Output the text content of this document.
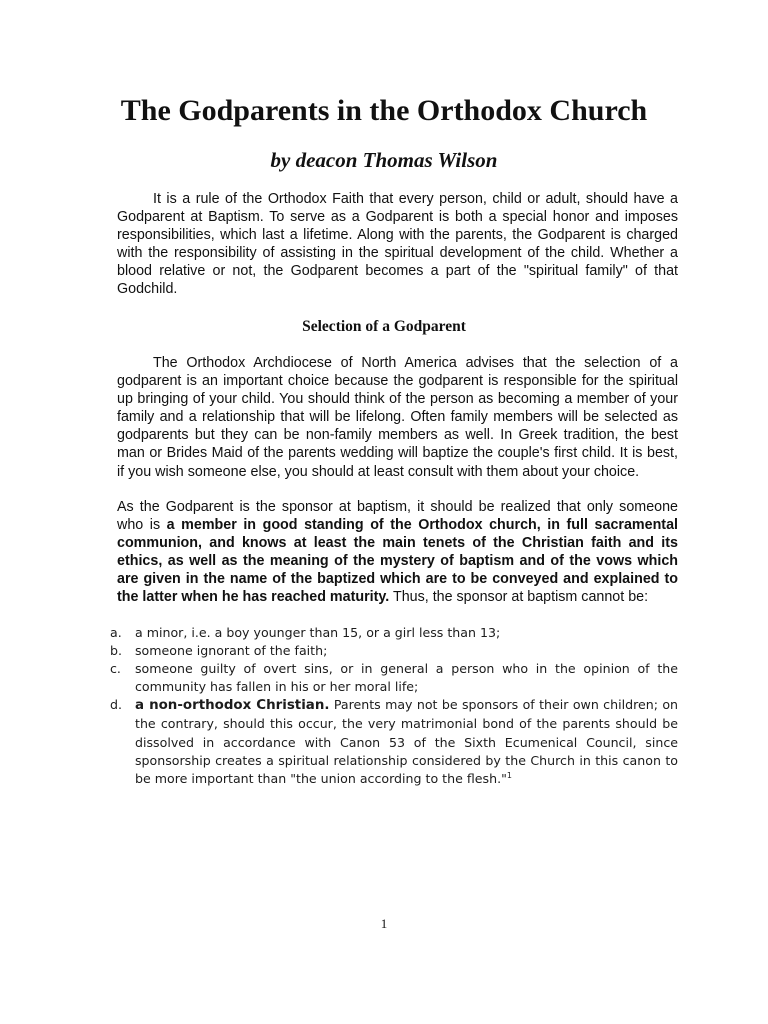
The Godparents in the Orthodox Church
by deacon Thomas Wilson

It is a rule of the Orthodox Faith that every person, child or adult, should have a Godparent at Baptism. To serve as a Godparent is both a special honor and imposes responsibilities, which last a lifetime. Along with the parents, the Godparent is charged with the responsibility of assisting in the spiritual development of the child. Whether a blood relative or not, the Godparent becomes a part of the "spiritual family" of that Godchild.

Selection of a Godparent

The Orthodox Archdiocese of North America advises that the selection of a godparent is an important choice because the godparent is responsible for the spiritual up bringing of your child. You should think of the person as becoming a member of your family and a relationship that will be lifelong. Often family members will be selected as godparents but they can be non-family members as well. In Greek tradition, the best man or Brides Maid of the parents wedding will baptize the couple's first child. It is best, if you wish someone else, you should at least consult with them about your choice.

As the Godparent is the sponsor at baptism, it should be realized that only someone who is a member in good standing of the Orthodox church, in full sacramental communion, and knows at least the main tenets of the Christian faith and its ethics, as well as the meaning of the mystery of baptism and of the vows which are given in the name of the baptized which are to be conveyed and explained to the latter when he has reached maturity. Thus, the sponsor at baptism cannot be:

a. a minor, i.e. a boy younger than 15, or a girl less than 13;
b. someone ignorant of the faith;
c. someone guilty of overt sins, or in general a person who in the opinion of the community has fallen in his or her moral life;
d. a non-orthodox Christian. Parents may not be sponsors of their own children; on the contrary, should this occur, the very matrimonial bond of the parents should be dissolved in accordance with Canon 53 of the Sixth Ecumenical Council, since sponsorship creates a spiritual relationship considered by the Church in this canon to be more important than "the union according to the flesh."$^1$

1
